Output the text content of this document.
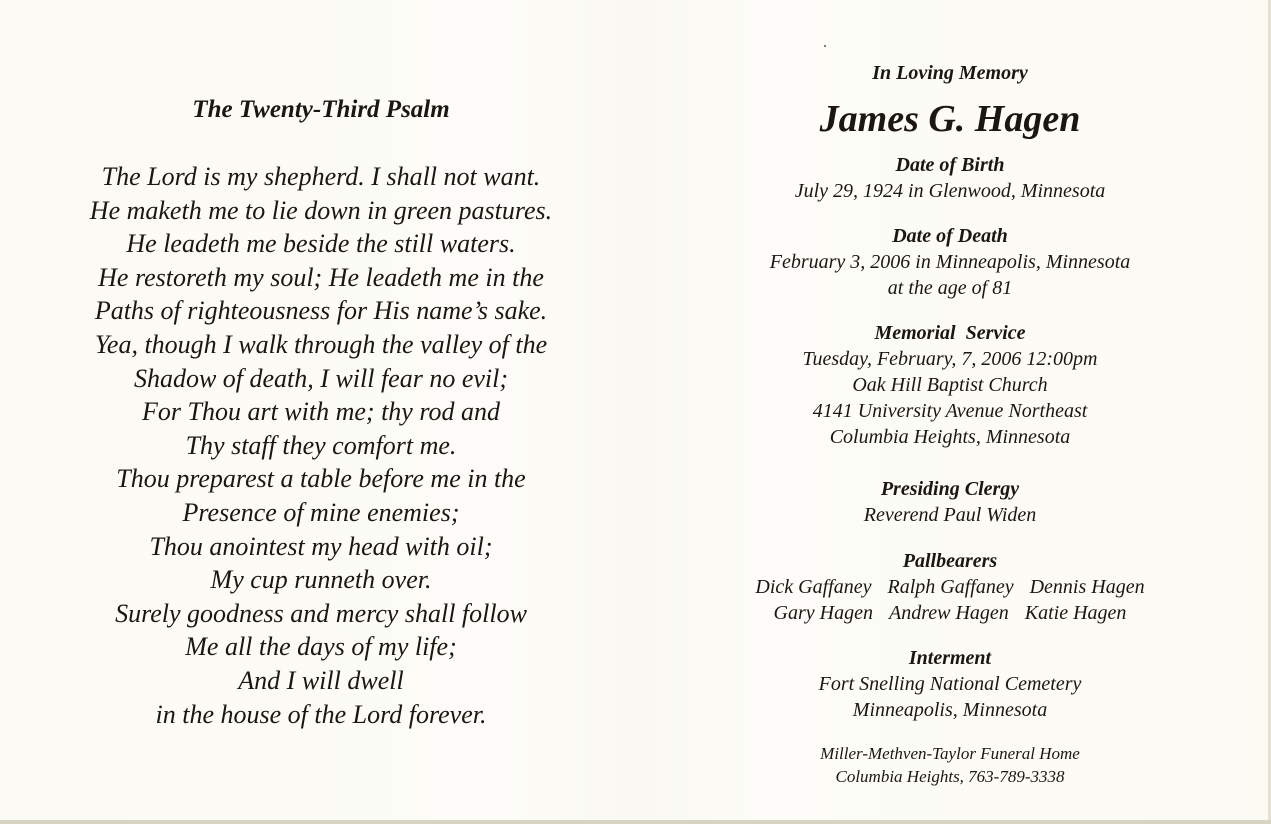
The Twenty-Third Psalm
The Lord is my shepherd. I shall not want.
He maketh me to lie down in green pastures.
He leadeth me beside the still waters.
He restoreth my soul; He leadeth me in the
Paths of righteousness for His name’s sake.
Yea, though I walk through the valley of the
Shadow of death, I will fear no evil;
For Thou art with me; thy rod and
Thy staff they comfort me.
Thou preparest a table before me in the
Presence of mine enemies;
Thou anointest my head with oil;
My cup runneth over.
Surely goodness and mercy shall follow
Me all the days of my life;
And I will dwell
in the house of the Lord forever.
In Loving Memory
James G. Hagen
Date of Birth
July 29, 1924 in Glenwood, Minnesota
Date of Death
February 3, 2006 in Minneapolis, Minnesota
at the age of 81
Memorial  Service
Tuesday, February, 7, 2006 12:00pm
Oak Hill Baptist Church
4141 University Avenue Northeast
Columbia Heights, Minnesota
Presiding Clergy
Reverend Paul Widen
Pallbearers
Dick Gaffaney Ralph Gaffaney Dennis Hagen
Gary Hagen Andrew Hagen Katie Hagen
Interment
Fort Snelling National Cemetery
Minneapolis, Minnesota
Miller-Methven-Taylor Funeral Home
Columbia Heights, 763-789-3338
